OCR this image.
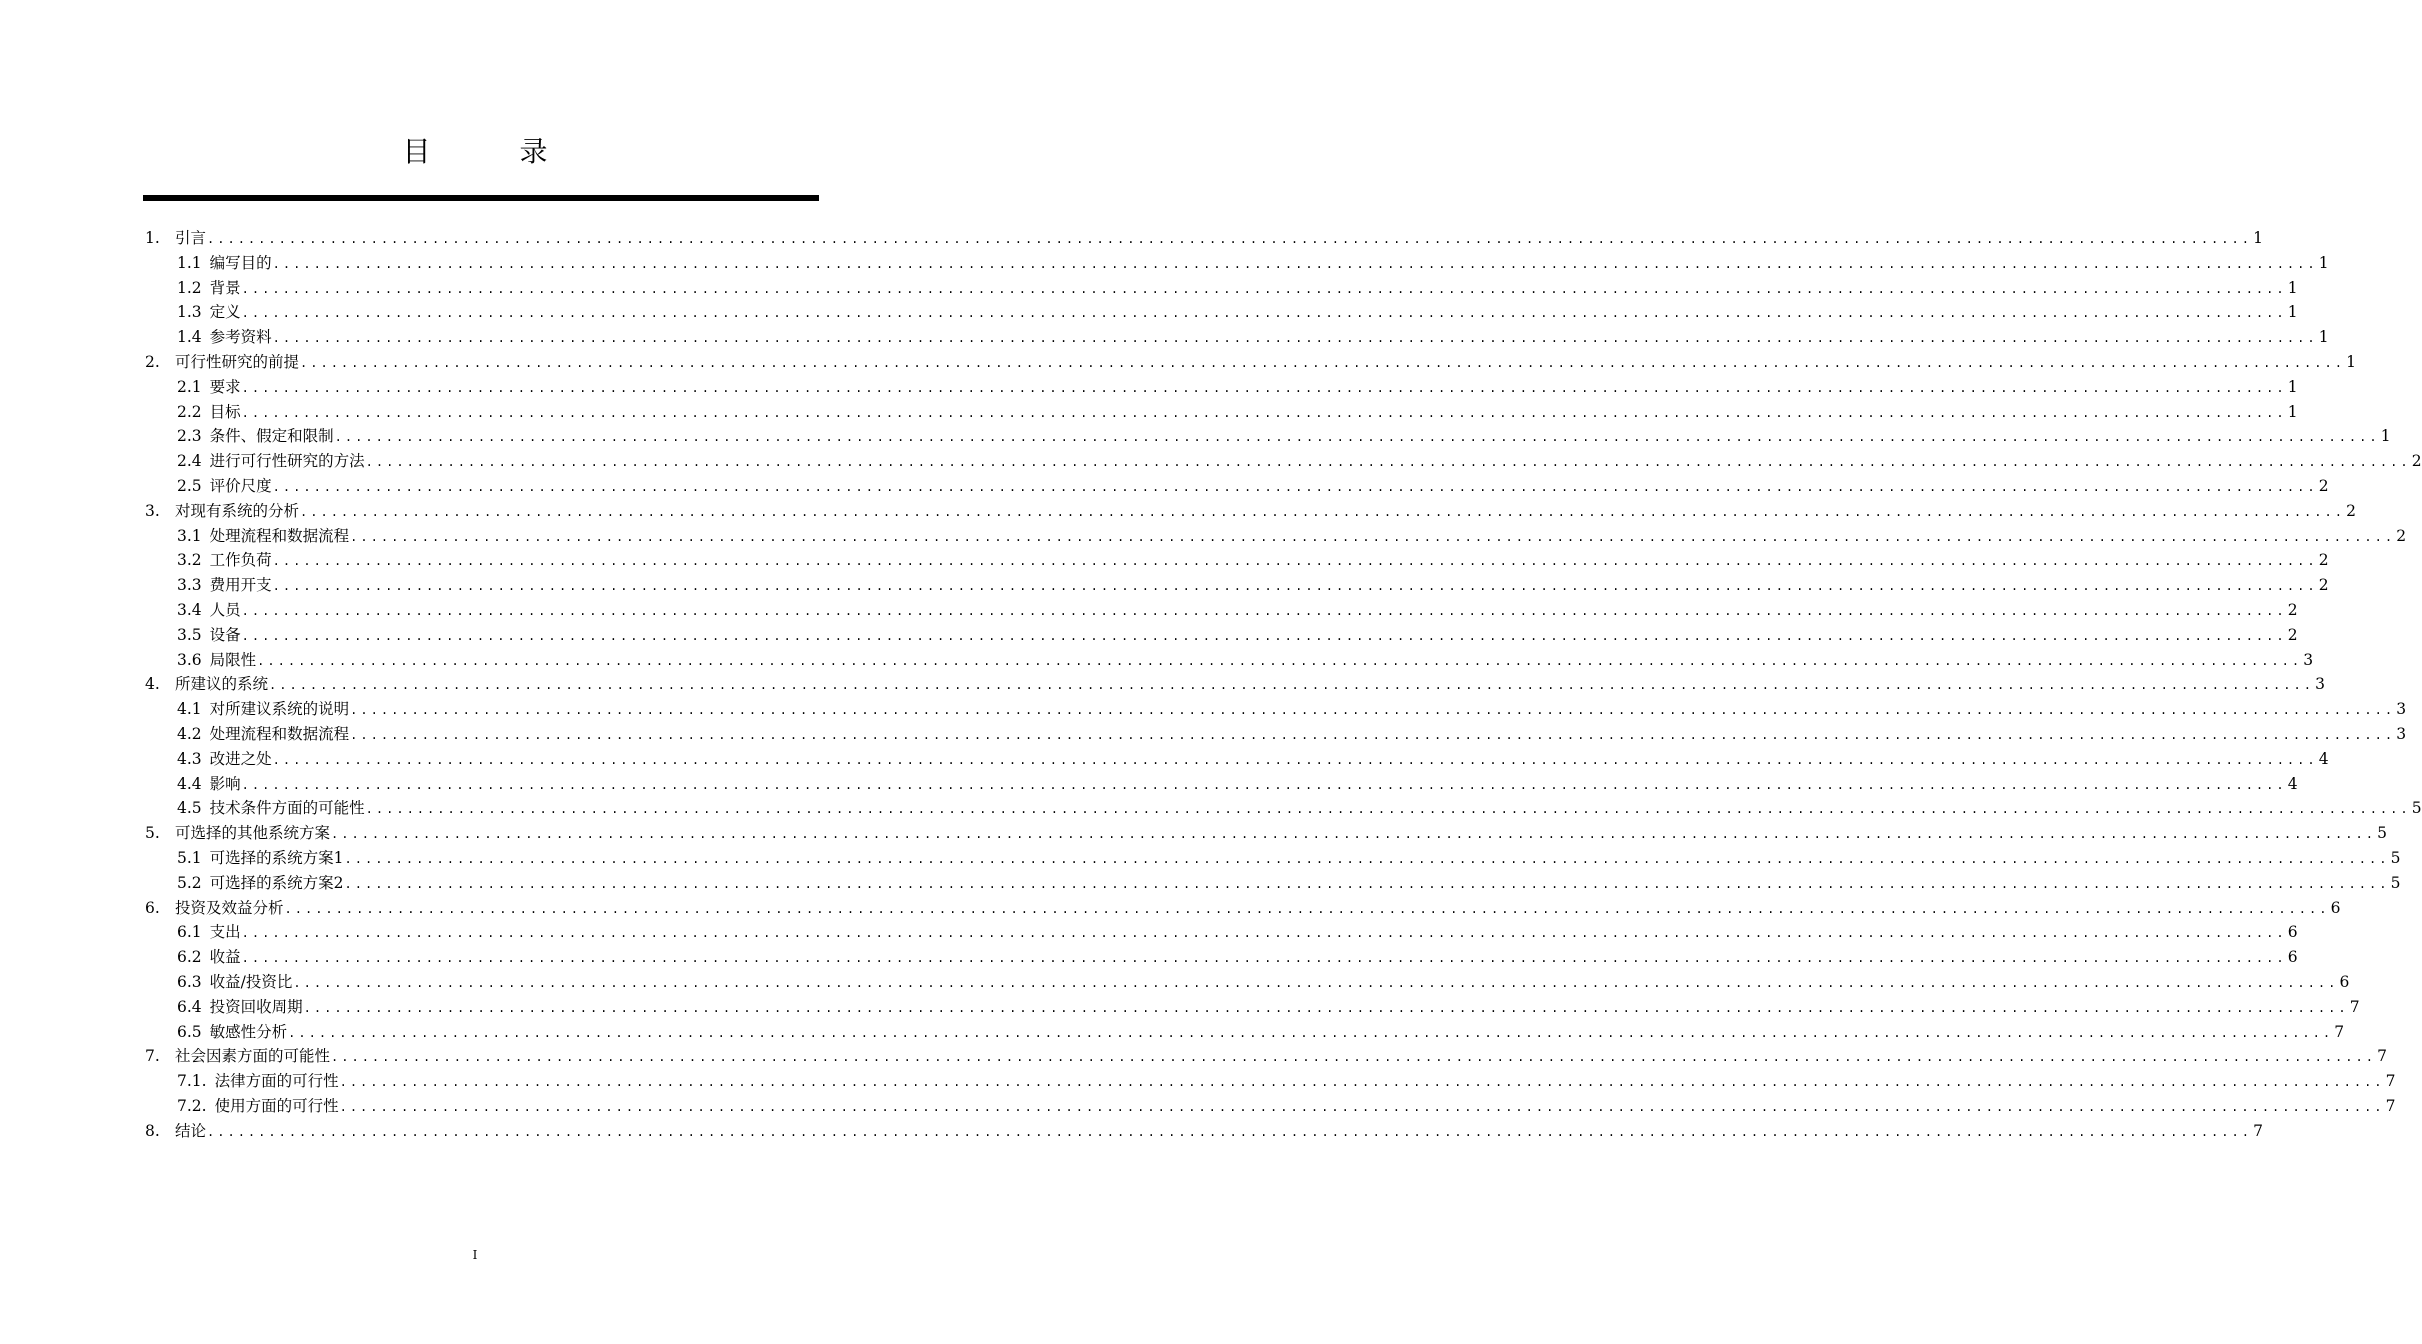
目 录
1. 引言 ........................................................................................................................................................................................................ 1
1.1 编写目的 ........................................................................................................................................................................................................ 1
1.2 背景 ........................................................................................................................................................................................................ 1
1.3 定义 ........................................................................................................................................................................................................ 1
1.4 参考资料 ........................................................................................................................................................................................................ 1
2. 可行性研究的前提 ........................................................................................................................................................................................................ 1
2.1 要求 ........................................................................................................................................................................................................ 1
2.2 目标 ........................................................................................................................................................................................................ 1
2.3 条件、假定和限制 ........................................................................................................................................................................................................ 1
2.4 进行可行性研究的方法 ........................................................................................................................................................................................................ 2
2.5 评价尺度 ........................................................................................................................................................................................................ 2
3. 对现有系统的分析 ........................................................................................................................................................................................................ 2
3.1 处理流程和数据流程 ........................................................................................................................................................................................................ 2
3.2 工作负荷 ........................................................................................................................................................................................................ 2
3.3 费用开支 ........................................................................................................................................................................................................ 2
3.4 人员 ........................................................................................................................................................................................................ 2
3.5 设备 ........................................................................................................................................................................................................ 2
3.6 局限性 ........................................................................................................................................................................................................ 3
4. 所建议的系统 ........................................................................................................................................................................................................ 3
4.1 对所建议系统的说明 ........................................................................................................................................................................................................ 3
4.2 处理流程和数据流程 ........................................................................................................................................................................................................ 3
4.3 改进之处 ........................................................................................................................................................................................................ 4
4.4 影响 ........................................................................................................................................................................................................ 4
4.5 技术条件方面的可能性 ........................................................................................................................................................................................................ 5
5. 可选择的其他系统方案 ........................................................................................................................................................................................................ 5
5.1 可选择的系统方案1 ........................................................................................................................................................................................................ 5
5.2 可选择的系统方案2 ........................................................................................................................................................................................................ 5
6. 投资及效益分析 ........................................................................................................................................................................................................ 6
6.1 支出 ........................................................................................................................................................................................................ 6
6.2 收益 ........................................................................................................................................................................................................ 6
6.3 收益/投资比 ........................................................................................................................................................................................................ 6
6.4 投资回收周期 ........................................................................................................................................................................................................ 7
6.5 敏感性分析 ........................................................................................................................................................................................................ 7
7. 社会因素方面的可能性 ........................................................................................................................................................................................................ 7
7.1. 法律方面的可行性 ........................................................................................................................................................................................................ 7
7.2. 使用方面的可行性 ........................................................................................................................................................................................................ 7
8. 结论 ........................................................................................................................................................................................................ 7
I
